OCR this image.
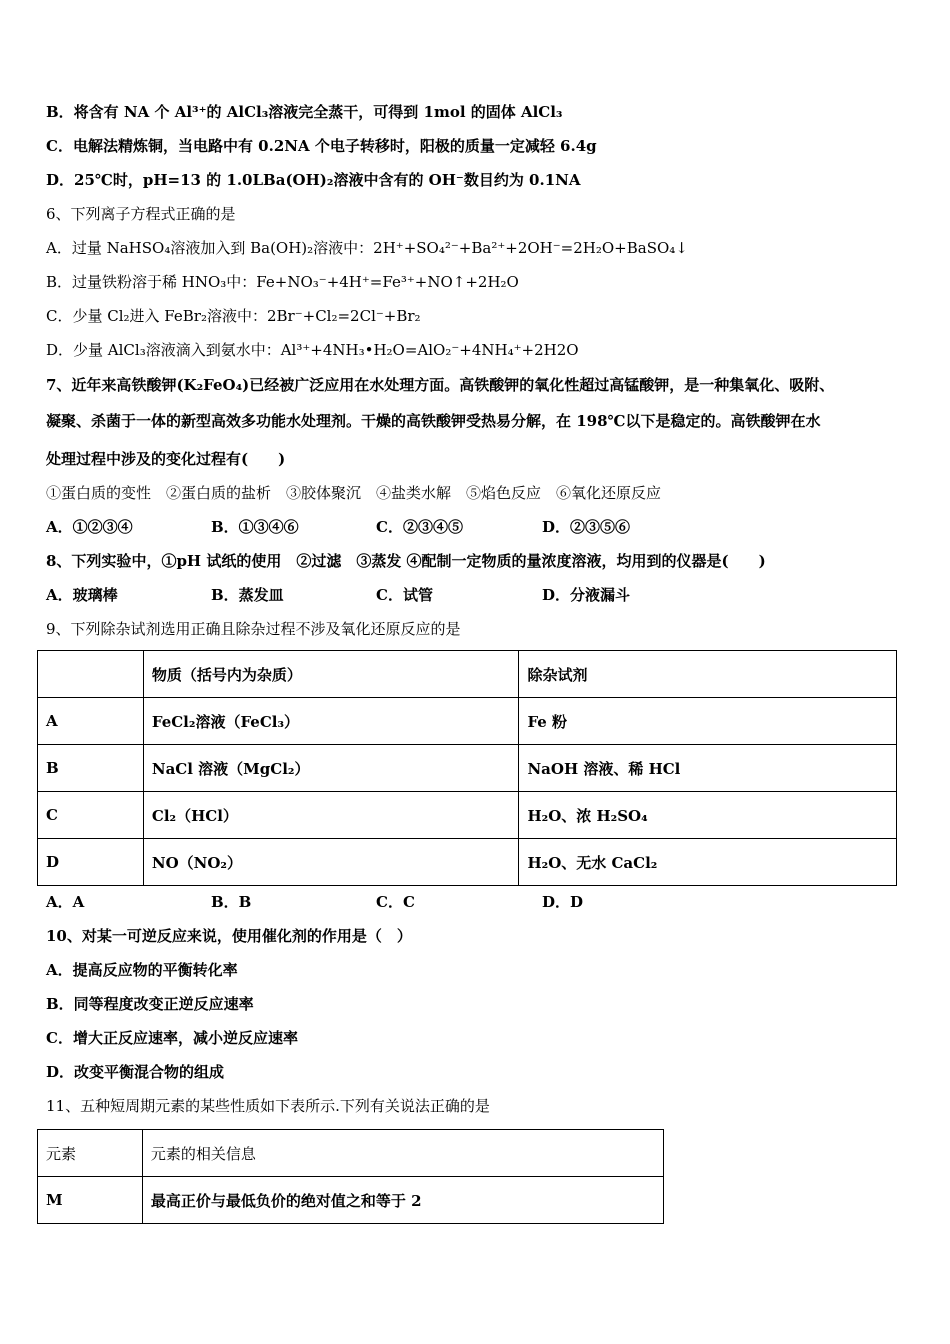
B．将含有 NA 个 Al³⁺的 AlCl₃溶液完全蒸干，可得到 1mol 的固体 AlCl₃
C．电解法精炼铜，当电路中有 0.2NA 个电子转移时，阳极的质量一定减轻 6.4g
D．25℃时，pH=13 的 1.0LBa(OH)₂溶液中含有的 OH⁻数目约为 0.1NA
6、下列离子方程式正确的是
A．过量 NaHSO₄溶液加入到 Ba(OH)₂溶液中：2H⁺+SO₄²⁻+Ba²⁺+2OH⁻=2H₂O+BaSO₄↓
B．过量铁粉溶于稀 HNO₃中：Fe+NO₃⁻+4H⁺=Fe³⁺+NO↑+2H₂O
C．少量 Cl₂进入 FeBr₂溶液中：2Br⁻+Cl₂=2Cl⁻+Br₂
D．少量 AlCl₃溶液滴入到氨水中：Al³⁺+4NH₃•H₂O=AlO₂⁻+4NH₄⁺+2H2O
7、近年来高铁酸钾(K₂FeO₄)已经被广泛应用在水处理方面。高铁酸钾的氧化性超过高锰酸钾，是一种集氧化、吸附、
凝聚、杀菌于一体的新型高效多功能水处理剂。干燥的高铁酸钾受热易分解，在 198℃以下是稳定的。高铁酸钾在水
处理过程中涉及的变化过程有(　　)
①蛋白质的变性　②蛋白质的盐析　③胶体聚沉　④盐类水解　⑤焰色反应　⑥氧化还原反应
A．①②③④	B．①③④⑥	C．②③④⑤	D．②③⑤⑥
8、下列实验中，①pH 试纸的使用　②过滤　③蒸发 ④配制一定物质的量浓度溶液，均用到的仪器是(　　)
A．玻璃棒	B．蒸发皿	C．试管	D．分液漏斗
9、下列除杂试剂选用正确且除杂过程不涉及氧化还原反应的是
	物质（括号内为杂质）	除杂试剂
A	FeCl₂溶液（FeCl₃）	Fe 粉
B	NaCl 溶液（MgCl₂）	NaOH 溶液、稀 HCl
C	Cl₂（HCl）	H₂O、浓 H₂SO₄
D	NO（NO₂）	H₂O、无水 CaCl₂
A．A	B．B	C．C	D．D
10、对某一可逆反应来说，使用催化剂的作用是（　）
A．提高反应物的平衡转化率
B．同等程度改变正逆反应速率
C．增大正反应速率，减小逆反应速率
D．改变平衡混合物的组成
11、五种短周期元素的某些性质如下表所示.下列有关说法正确的是
元素	元素的相关信息
M	最高正价与最低负价的绝对值之和等于 2
